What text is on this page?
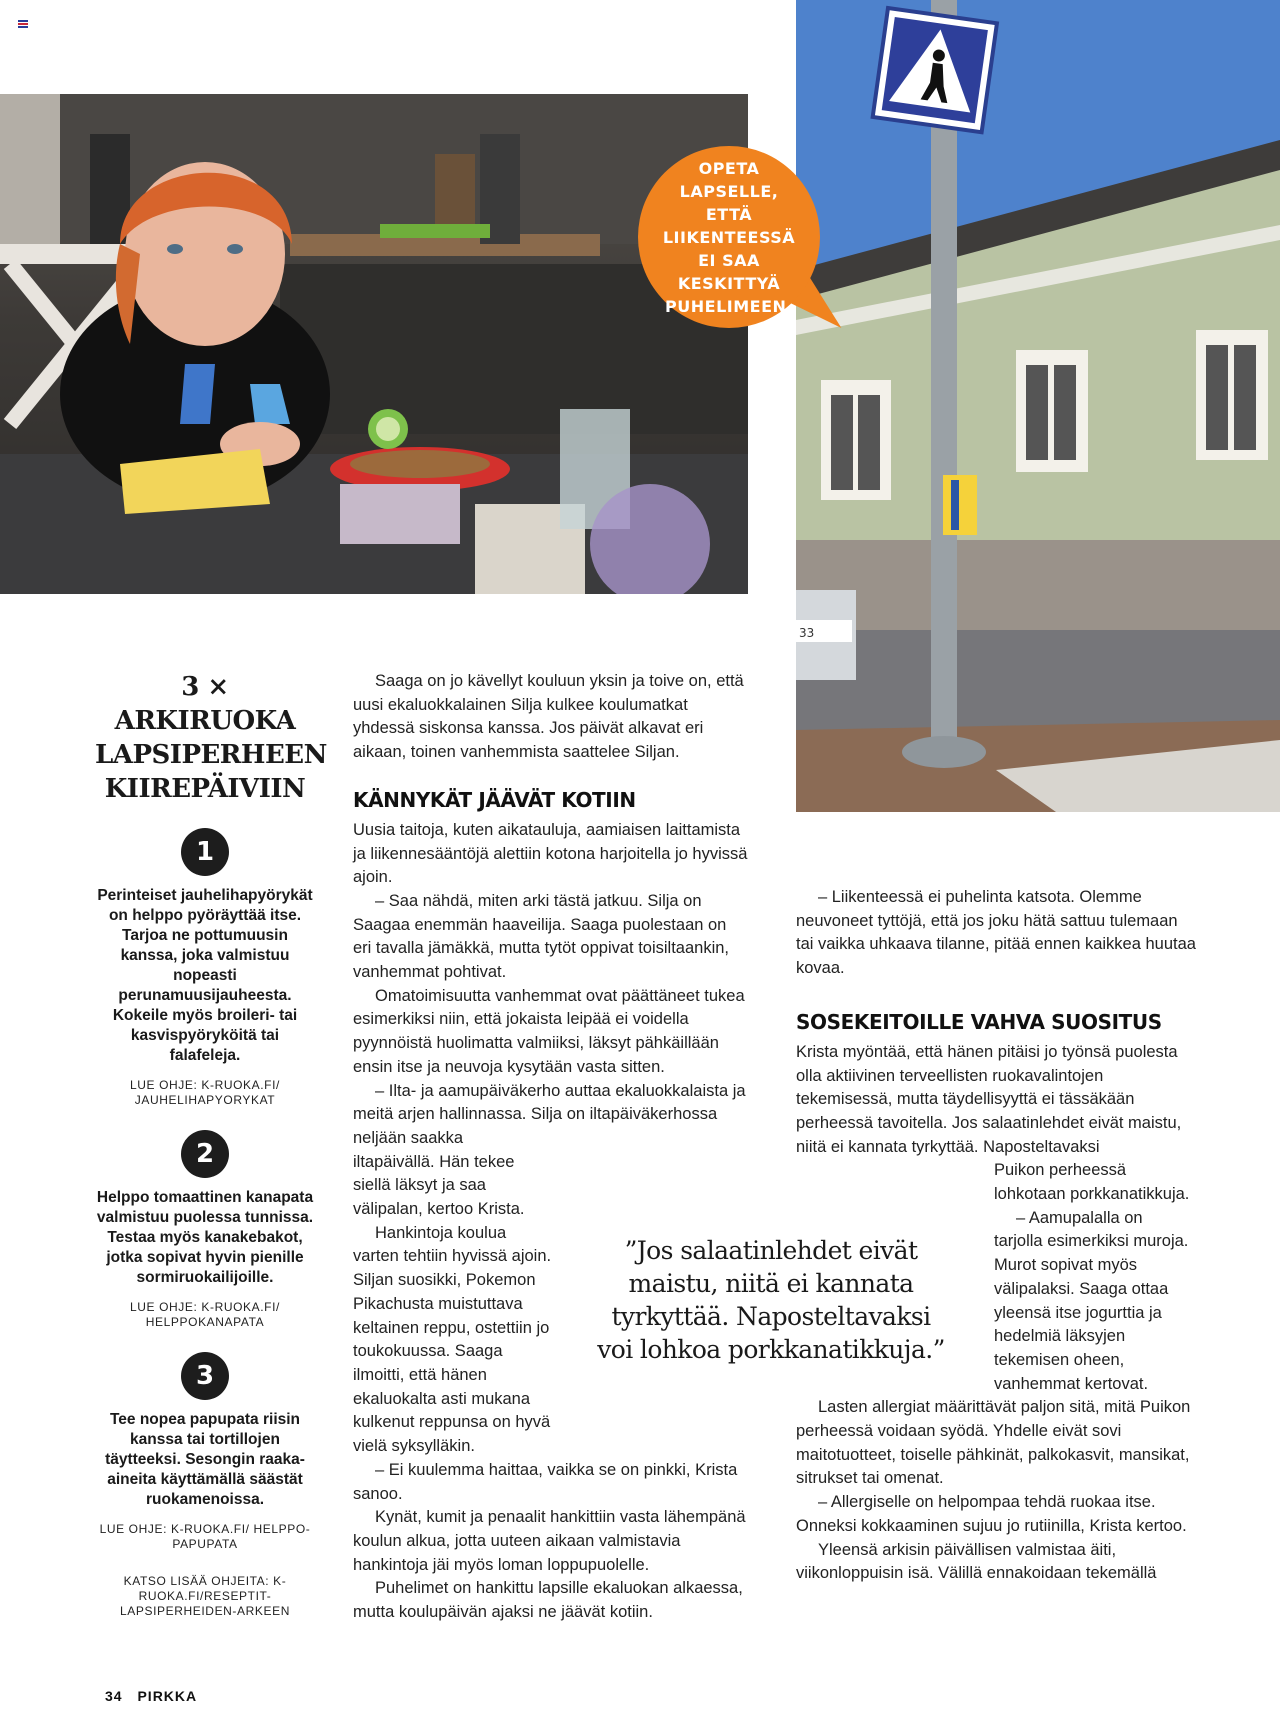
33
OPETA LAPSELLE, ETTÄ LIIKENTEESSÄ EI SAA KESKITTYÄ PUHELIMEEN.
3 × ARKIRUOKA LAPSIPERHEEN KIIREPÄIVIIN
1

Perinteiset jauhelihapyörykät on helppo pyöräyttää itse. Tarjoa ne pottumuusin kanssa, joka valmistuu nopeasti perunamuusijauheesta. Kokeile myös broileri- tai kasvispyöryköitä tai falafeleja.

LUE OHJE: K-RUOKA.FI/ JAUHELIHAPYORYKAT
2

Helppo tomaattinen kanapata valmistuu puolessa tunnissa. Testaa myös kanakebakot, jotka sopivat hyvin pienille sormiruokailijoille.

LUE OHJE: K-RUOKA.FI/ HELPPOKANAPATA
3

Tee nopea papupata riisin kanssa tai tortillojen täytteeksi. Sesongin raaka-aineita käyttämällä säästät ruokamenoissa.

LUE OHJE: K-RUOKA.FI/ HELPPO-PAPUPATA
KATSO LISÄÄ OHJEITA: K-RUOKA.FI/RESEPTIT-LAPSIPERHEIDEN-ARKEEN

Saaga on jo kävellyt kouluun yksin ja toive on, että uusi ekaluokkalainen Silja kulkee koulumatkat yhdessä siskonsa kanssa. Jos päivät alkavat eri aikaan, toinen vanhemmista saattelee Siljan.

KÄNNYKÄT JÄÄVÄT KOTIIN

Uusia taitoja, kuten aikatauluja, aamiaisen laittamista ja liikennesääntöjä alettiin kotona harjoitella jo hyvissä ajoin.

– Saa nähdä, miten arki tästä jatkuu. Silja on Saagaa enemmän haaveilija. Saaga puolestaan on eri tavalla jämäkkä, mutta tytöt oppivat toisiltaankin, vanhemmat pohtivat.

Omatoimisuutta vanhemmat ovat päättäneet tukea esimerkiksi niin, että jokaista leipää ei voidella pyynnöistä huolimatta valmiiksi, läksyt pähkäillään ensin itse ja neuvoja kysytään vasta sitten.

– Ilta- ja aamupäiväkerho auttaa ekaluokkalaista ja meitä arjen hallinnassa. Silja on iltapäiväkerhossa neljään saakka

iltapäivällä. Hän tekee siellä läksyt ja saa välipalan, kertoo Krista.

Hankintoja koulua varten tehtiin hyvissä ajoin. Siljan suosikki, Pokemon Pikachusta muistuttava keltainen reppu, ostettiin jo toukokuussa. Saaga ilmoitti, että hänen ekaluokalta asti mukana kulkenut reppunsa on hyvä vielä syksylläkin.

– Ei kuulemma haittaa, vaikka se on pinkki, Krista sanoo.

Kynät, kumit ja penaalit hankittiin vasta lähempänä koulun alkua, jotta uuteen aikaan valmistavia hankintoja jäi myös loman loppupuolelle.

Puhelimet on hankittu lapsille ekaluokan alkaessa, mutta koulupäivän ajaksi ne jäävät kotiin.

– Liikenteessä ei puhelinta katsota. Olemme neuvoneet tyttöjä, että jos joku hätä sattuu tulemaan tai vaikka uhkaava tilanne, pitää ennen kaikkea huutaa kovaa.

SOSEKEITOILLE VAHVA SUOSITUS

Krista myöntää, että hänen pitäisi jo työnsä puolesta olla aktiivinen terveellisten ruokavalintojen tekemisessä, mutta täydellisyyttä ei tässäkään perheessä tavoitella. Jos salaatinlehdet eivät maistu, niitä ei kannata tyrkyttää. Naposteltavaksi

Puikon perheessä lohkotaan porkkanatikkuja.

– Aamupalalla on tarjolla esimerkiksi muroja. Murot sopivat myös välipalaksi. Saaga ottaa yleensä itse jogurttia ja hedelmiä läksyjen tekemisen oheen, vanhemmat kertovat.

Lasten allergiat määrittävät paljon sitä, mitä Puikon perheessä voidaan syödä. Yhdelle eivät sovi maitotuotteet, toiselle pähkinät, palkokasvit, mansikat, sitrukset tai omenat.

– Allergiselle on helpompaa tehdä ruokaa itse. Onneksi kokkaaminen sujuu jo rutiinilla, Krista kertoo.

Yleensä arkisin päivällisen valmistaa äiti, viikonloppuisin isä. Välillä ennakoidaan tekemällä

”Jos salaatinlehdet eivät maistu, niitä ei kannata tyrkyttää. Naposteltavaksi voi lohkoa porkkanatikkuja.”
34 PIRKKA
